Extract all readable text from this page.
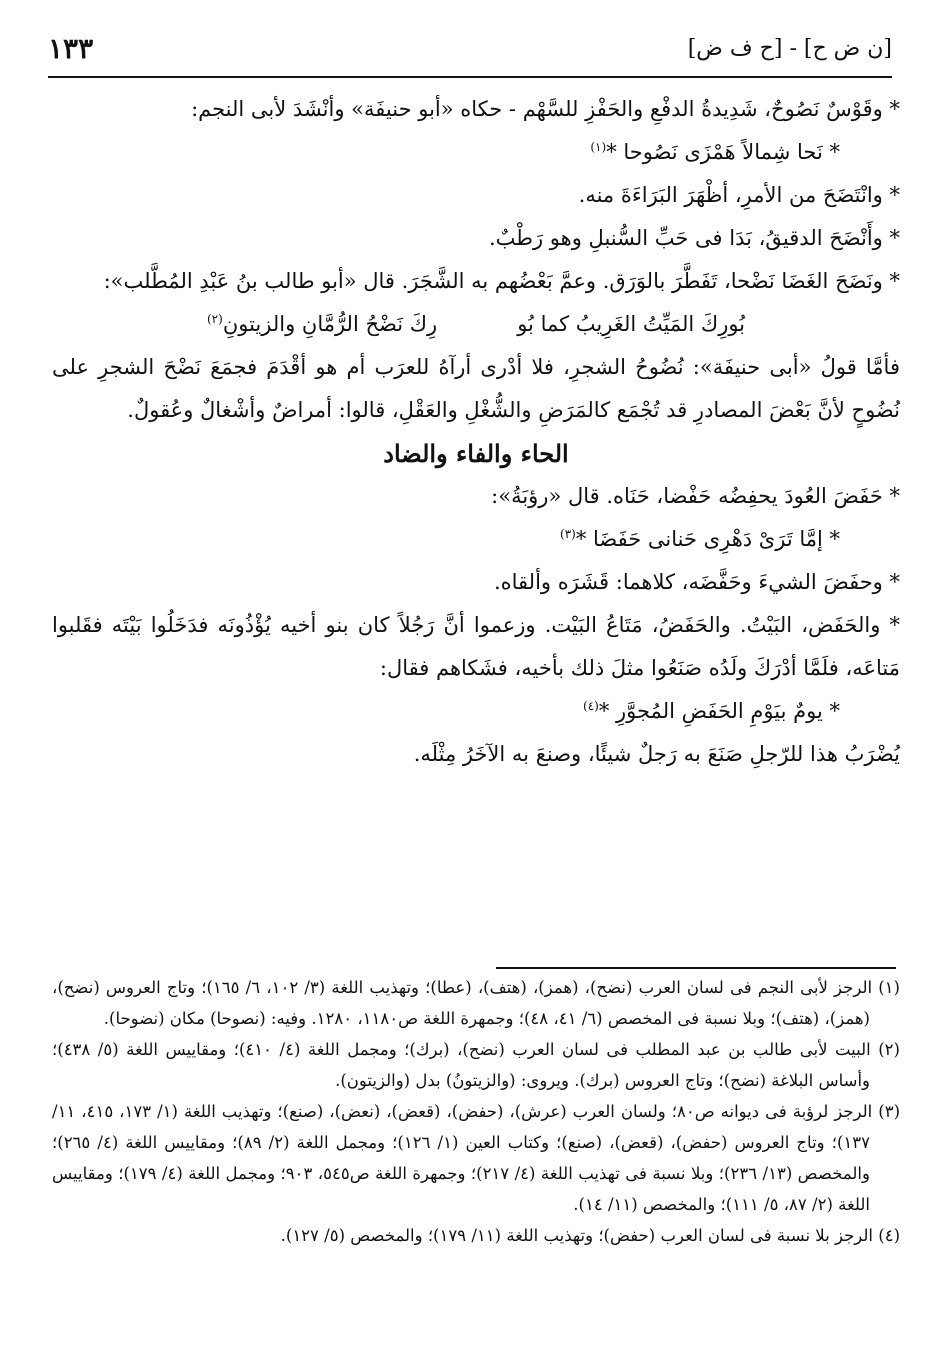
[ن ض ح] - [ح ف ض]
١٣٣

* وقَوْسٌ نَصُوحٌ، شَدِيدةُ الدفْعِ والحَفْزِ للسَّهْم - حكاه «أبو حنيفَة» وأنْشَدَ لأبى النجم:

* نَحا شِمالاً هَمْزَى نَصُوحا *$^{(١)}$

* وانْتَضَحَ من الأمرِ، أظْهَرَ البَرَاءَةَ منه.

* وأَنْضَحَ الدقيقُ، بَدَا فى حَبِّ السُّنبلِ وهو رَطْبٌ.

* ونَضَحَ الغَضَا نَضْحا، تَفَطَّرَ بالوَرَق. وعمَّ بَعْضُهم به الشَّجَرَ. قال «أبو طالب بنُ عَبْدِ المُطَّلب»:

بُورِكَ المَيِّتُ الغَرِيبُ كما بُو
رِكَ نَضْحُ الرُّمَّانِ والزيتونِ$^{(٢)}$

فأمَّا قولُ «أبى حنيفَة»: نُضُوحُ الشجرِ، فلا أدْرى أرآهُ للعرَب أم هو أقْدَمَ فجمَعَ نَضْحَ الشجرِ على نُضُوحٍ لأنَّ بَعْضَ المصادرِ قد تُجْمَع كالمَرَضِ والشُّغْلِ والعَقْلِ، قالوا: أمراضٌ وأشْغالٌ وعُقولٌ.

الحاء والفاء والضاد

* حَفَضَ العُودَ يحفِضُه حَفْضا، حَنَاه. قال «رؤبَةُ»:

* إمَّا تَرَىْ دَهْرِى حَنانى حَفَضَا *$^{(٣)}$

* وحفَضَ الشيءَ وحَفَّضَه، كلاهما: قَشَرَه وألقاه.

* والحَفَض، البَيْتُ. والحَفَضُ، مَتَاعُ البَيْت. وزعموا أنَّ رَجُلاً كان بنو أخيه يُؤْذُونَه فدَخَلُوا بَيْتَه فقَلبوا مَتاعَه، فلَمَّا أدْرَكَ ولَدُه صَنَعُوا مثلَ ذلك بأخيه، فشَكاهم فقال:

* يومٌ بيَوْمِ الحَفَضِ المُجوَّرِ *$^{(٤)}$

يُضْرَبُ هذا للرّجلِ صَنَعَ به رَجلٌ شيئًا، وصنعَ به الآخَرُ مِثْلَه.

(١) الرجز لأبى النجم فى لسان العرب (نضح)، (همز)، (هتف)، (عطا)؛ وتهذيب اللغة (٣/ ١٠٢، ٦/ ١٦٥)؛ وتاج العروس (نضح)، (همز)، (هتف)؛ وبلا نسبة فى المخصص (٦/ ٤١، ٤٨)؛ وجمهرة اللغة ص١١٨٠، ١٢٨٠. وفيه: (نصوحا) مكان (نضوحا).

(٢) البيت لأبى طالب بن عبد المطلب فى لسان العرب (نضح)، (برك)؛ ومجمل اللغة (٤/ ٤١٠)؛ ومقاييس اللغة (٥/ ٤٣٨)؛ وأساس البلاغة (نضح)؛ وتاج العروس (برك). ويروى: (والزيتونُ) بدل (والزيتون).

(٣) الرجز لرؤبة فى ديوانه ص٨٠؛ ولسان العرب (عرش)، (حفض)، (قعض)، (نعض)، (صنع)؛ وتهذيب اللغة (١/ ١٧٣، ٤١٥، ١١/ ١٣٧)؛ وتاج العروس (حفض)، (قعض)، (صنع)؛ وكتاب العين (١/ ١٢٦)؛ ومجمل اللغة (٢/ ٨٩)؛ ومقاييس اللغة (٤/ ٢٦٥)؛ والمخصص (١٣/ ٢٣٦)؛ وبلا نسبة فى تهذيب اللغة (٤/ ٢١٧)؛ وجمهرة اللغة ص٥٤٥، ٩٠٣؛ ومجمل اللغة (٤/ ١٧٩)؛ ومقاييس اللغة (٢/ ٨٧، ٥/ ١١١)؛ والمخصص (١١/ ١٤).

(٤) الرجز بلا نسبة فى لسان العرب (حفض)؛ وتهذيب اللغة (١١/ ١٧٩)؛ والمخصص (٥/ ١٢٧).
